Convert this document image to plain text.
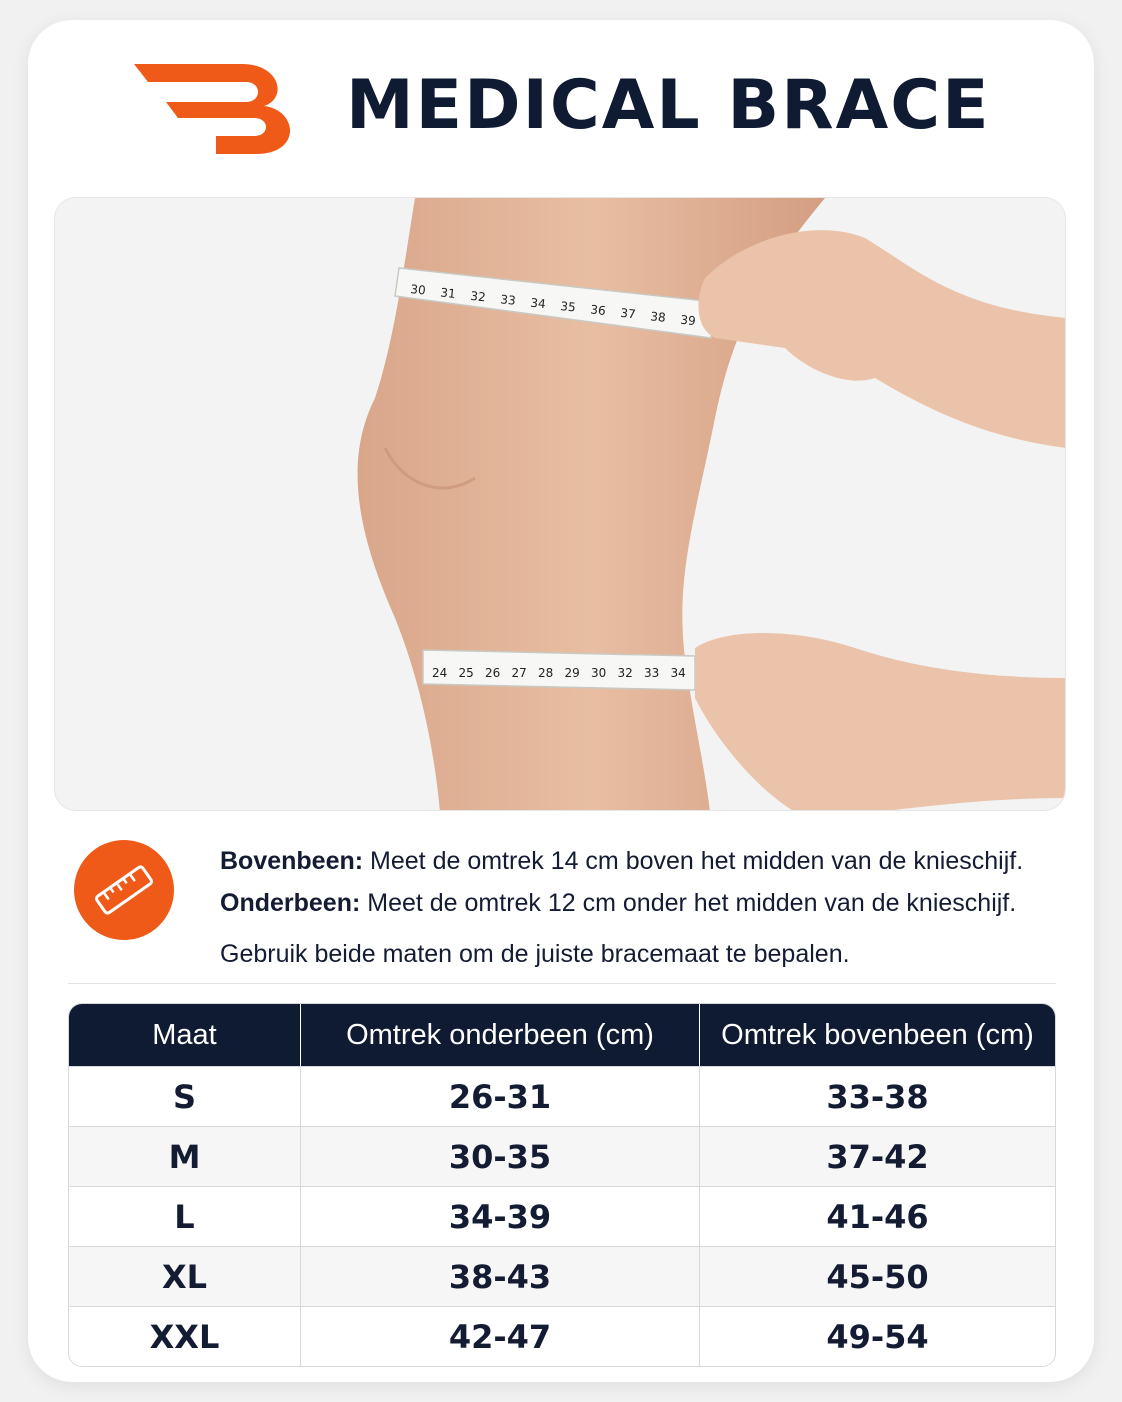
MEDICAL BRACE
30 31 32 33 34 35 36 37 38 39
24 25 26 27 28 29 30 32 33 34
Bovenbeen: Meet de omtrek 14 cm boven het midden van de knieschijf.
Onderbeen: Meet de omtrek 12 cm onder het midden van de knieschijf.
Gebruik beide maten om de juiste bracemaat te bepalen.
Maat	Omtrek onderbeen (cm)	Omtrek bovenbeen (cm)
S	26-31	33-38
M	30-35	37-42
L	34-39	41-46
XL	38-43	45-50
XXL	42-47	49-54
